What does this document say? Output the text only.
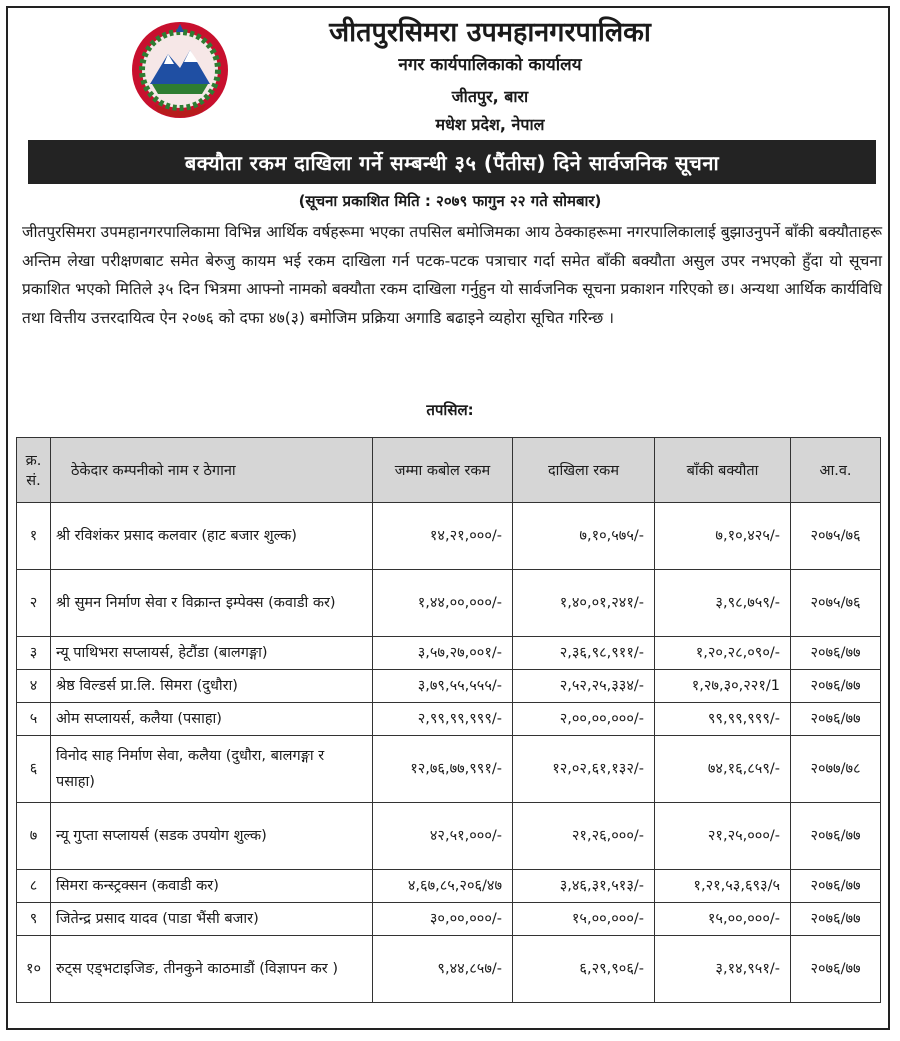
जीतपुरसिमरा उपमहानगरपालिका
नगर कार्यपालिकाको कार्यालय
जीतपुर, बारा
मधेश प्रदेश, नेपाल
बक्यौता रकम दाखिला गर्ने सम्बन्धी ३५ (पैंतीस) दिने सार्वजनिक सूचना
(सूचना प्रकाशित मिति : २०७९ फागुन २२ गते सोमबार)
जीतपुरसिमरा उपमहानगरपालिकामा विभिन्न आर्थिक वर्षहरूमा भएका तपसिल बमोजिमका आय ठेक्काहरूमा नगरपालिकालाई बुझाउनुपर्ने बाँकी बक्यौताहरू अन्तिम लेखा परीक्षणबाट समेत बेरुजु कायम भई रकम दाखिला गर्न पटक-पटक पत्राचार गर्दा समेत बाँकी बक्यौता असुल उपर नभएको हुँदा यो सूचना प्रकाशित भएको मितिले ३५ दिन भित्रमा आफ्नो नामको बक्यौता रकम दाखिला गर्नुहुन यो सार्वजनिक सूचना प्रकाशन गरिएको छ। अन्यथा आर्थिक कार्यविधि तथा वित्तीय उत्तरदायित्व ऐन २०७६ को दफा ४७(३) बमोजिम प्रक्रिया अगाडि बढाइने व्यहोरा सूचित गरिन्छ ।
तपसिल:
क्र. सं.	ठेकेदार कम्पनीको नाम र ठेगाना	जम्मा कबोल रकम	दाखिला रकम	बाँकी बक्यौता	आ.व.
१	श्री रविशंकर प्रसाद कलवार (हाट बजार शुल्क)	१४,२१,०००/-	७,१०,५७५/-	७,१०,४२५/-	२०७५/७६
२	श्री सुमन निर्माण सेवा र विक्रान्त इम्पेक्स (कवाडी कर)	१,४४,००,०००/-	१,४०,०१,२४१/-	३,९८,७५९/-	२०७५/७६
३	न्यू पाथिभरा सप्लायर्स, हेटौंडा (बालगङ्गा)	३,५७,२७,००१/-	२,३६,९८,९११/-	१,२०,२८,०९०/-	२०७६/७७
४	श्रेष्ठ विल्डर्स प्रा.लि. सिमरा (दुधौरा)	३,७९,५५,५५५/-	२,५२,२५,३३४/-	१,२७,३०,२२१/1	२०७६/७७
५	ओम सप्लायर्स, कलैया (पसाहा)	२,९९,९९,९९९/-	२,००,००,०००/-	९९,९९,९९९/-	२०७६/७७
६	विनोद साह निर्माण सेवा, कलैया (दुधौरा, बालगङ्गा र पसाहा)	१२,७६,७७,९९१/-	१२,०२,६१,१३२/-	७४,१६,८५९/-	२०७७/७८
७	न्यू गुप्ता सप्लायर्स (सडक उपयोग शुल्क)	४२,५१,०००/-	२१,२६,०००/-	२१,२५,०००/-	२०७६/७७
८	सिमरा कन्स्ट्रक्सन (कवाडी कर)	४,६७,८५,२०६/४७	३,४६,३१,५१३/-	१,२१,५३,६९३/५	२०७६/७७
९	जितेन्द्र प्रसाद यादव (पाडा भैंसी बजार)	३०,००,०००/-	१५,००,०००/-	१५,००,०००/-	२०७६/७७
१०	रुट्स एड्भटाइजिङ, तीनकुने काठमाडौं (विज्ञापन कर )	९,४४,८५७/-	६,२९,९०६/-	३,१४,९५१/-	२०७६/७७
